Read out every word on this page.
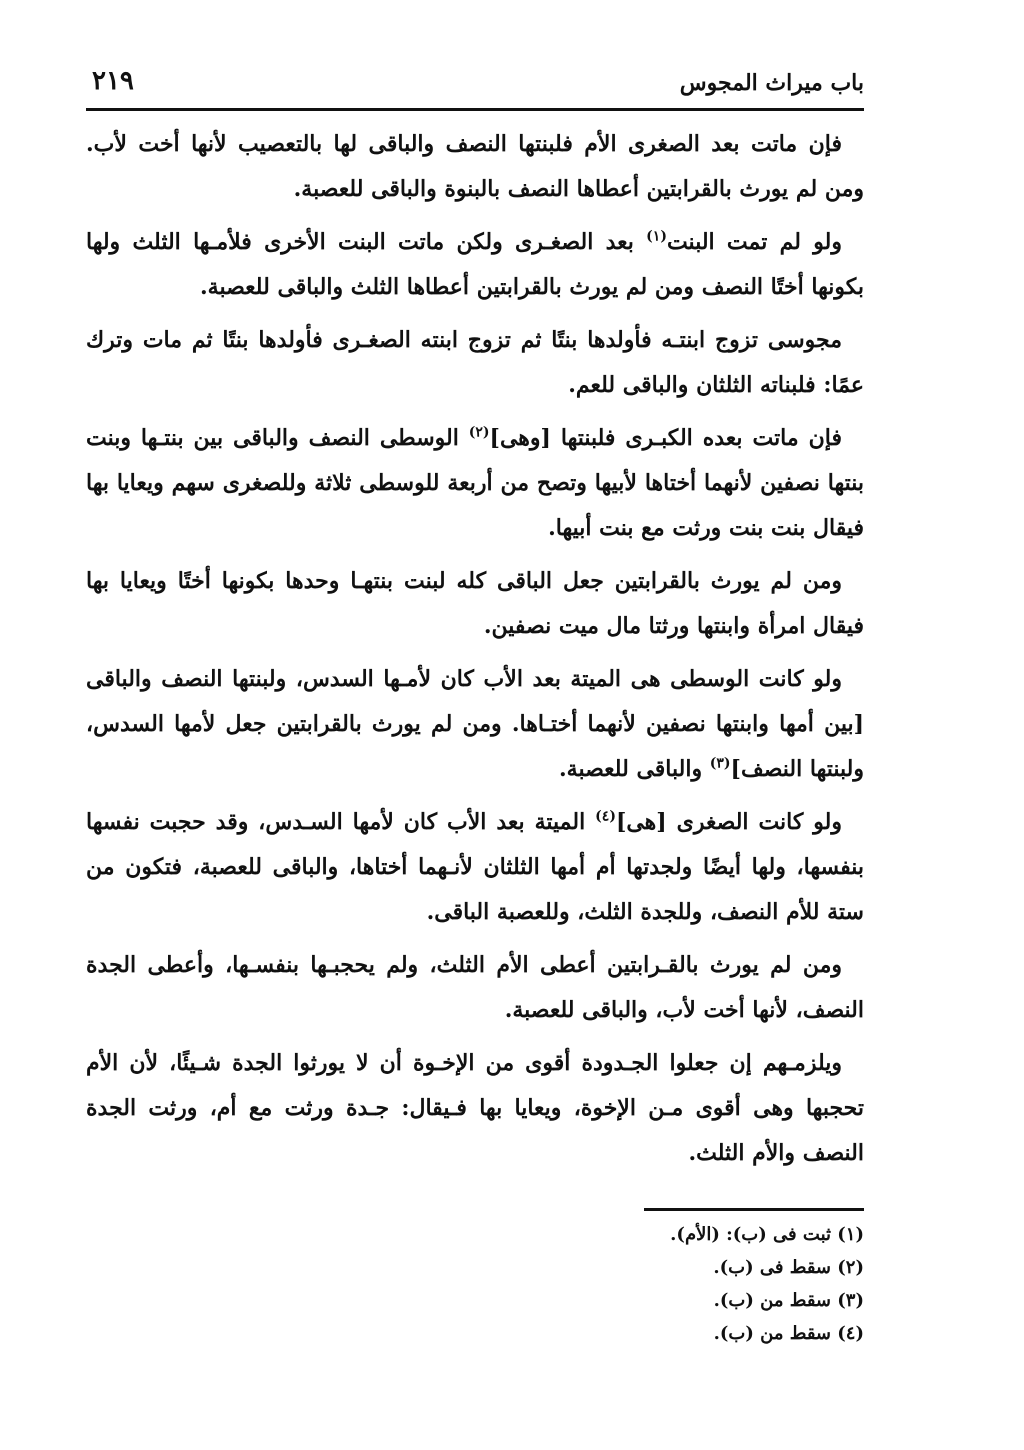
باب ميراث المجوس
٢١٩

فإن ماتت بعد الصغرى الأم فلبنتها النصف والباقى لها بالتعصيب لأنها أخت لأب. ومن لم يورث بالقرابتين أعطاها النصف بالبنوة والباقى للعصبة.

ولو لم تمت البنت$^{(١)}$ بعد الصغـرى ولكن ماتت البنت الأخرى فلأمـها الثلث ولها بكونها أختًا النصف ومن لم يورث بالقرابتين أعطاها الثلث والباقى للعصبة.

مجوسى تزوج ابنتـه فأولدها بنتًا ثم تزوج ابنته الصغـرى فأولدها بنتًا ثم مات وترك عمًا: فلبناته الثلثان والباقى للعم.

فإن ماتت بعده الكبـرى فلبنتها [وهى]$^{(٢)}$ الوسطى النصف والباقى بين بنتـها وبنت بنتها نصفين لأنهما أختاها لأبيها وتصح من أربعة للوسطى ثلاثة وللصغرى سهم ويعايا بها فيقال بنت بنت ورثت مع بنت أبيها.

ومن لم يورث بالقرابتين جعل الباقى كله لبنت بنتهـا وحدها بكونها أختًا ويعايا بها فيقال امرأة وابنتها ورثتا مال ميت نصفين.

ولو كانت الوسطى هى الميتة بعد الأب كان لأمـها السدس، ولبنتها النصف والباقى [بين أمها وابنتها نصفين لأنهما أختـاها. ومن لم يورث بالقرابتين جعل لأمها السدس، ولبنتها النصف]$^{(٣)}$ والباقى للعصبة.

ولو كانت الصغرى [هى]$^{(٤)}$ الميتة بعد الأب كان لأمها السـدس، وقد حجبت نفسها بنفسها، ولها أيضًا ولجدتها أم أمها الثلثان لأنـهما أختاها، والباقى للعصبة، فتكون من ستة للأم النصف، وللجدة الثلث، وللعصبة الباقى.

ومن لم يورث بالقـرابتين أعطى الأم الثلث، ولم يحجبـها بنفسـها، وأعطى الجدة النصف، لأنها أخت لأب، والباقى للعصبة.

ويلزمـهم إن جعلوا الجـدودة أقوى من الإخـوة أن لا يورثوا الجدة شـيئًا، لأن الأم تحجبها وهى أقوى مـن الإخوة، ويعايا بها فـيقال: جـدة ورثت مع أم، ورثت الجدة النصف والأم الثلث.

(١) ثبت فى (ب): (الأم).
(٢) سقط فى (ب).
(٣) سقط من (ب).
(٤) سقط من (ب).
